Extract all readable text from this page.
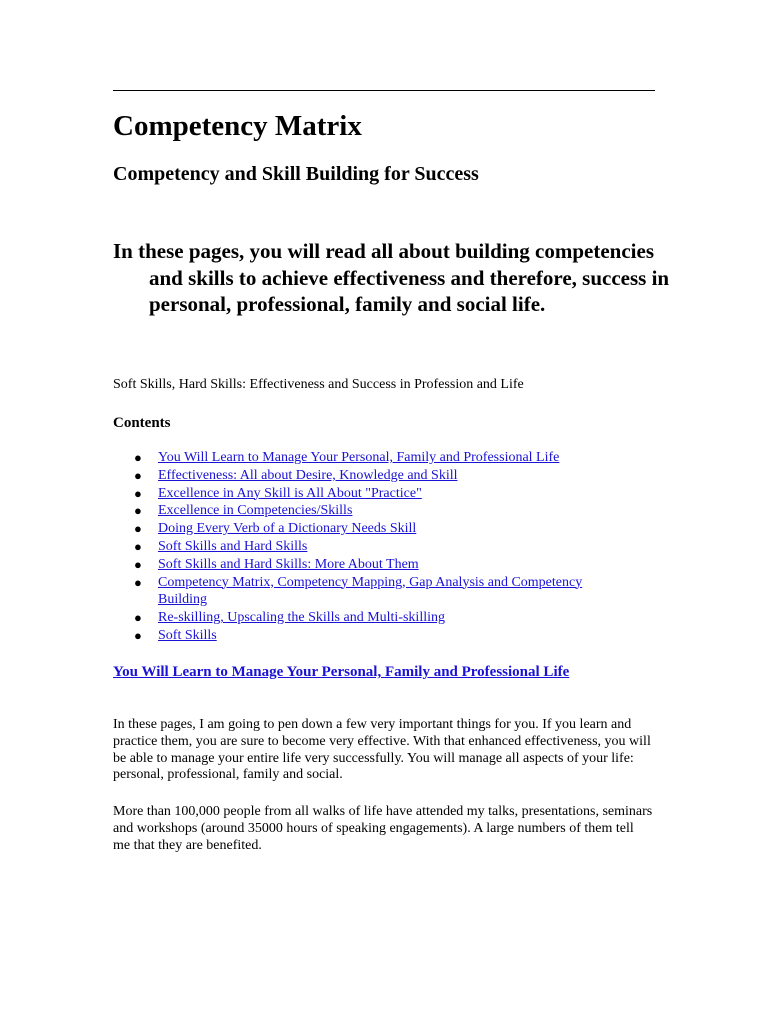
Competency Matrix
Competency and Skill Building for Success

In these pages, you will read all about building competencies and skills to achieve effectiveness and therefore, success in personal, professional, family and social life.

Soft Skills, Hard Skills: Effectiveness and Success in Profession and Life

Contents

● You Will Learn to Manage Your Personal, Family and Professional Life
● Effectiveness: All about Desire, Knowledge and Skill
● Excellence in Any Skill is All About "Practice"
● Excellence in Competencies/Skills
● Doing Every Verb of a Dictionary Needs Skill
● Soft Skills and Hard Skills
● Soft Skills and Hard Skills: More About Them
● Competency Matrix, Competency Mapping, Gap Analysis and Competency Building
● Re-skilling, Upscaling the Skills and Multi-skilling
● Soft Skills

You Will Learn to Manage Your Personal, Family and Professional Life

In these pages, I am going to pen down a few very important things for you. If you learn and practice them, you are sure to become very effective. With that enhanced effectiveness, you will be able to manage your entire life very successfully. You will manage all aspects of your life: personal, professional, family and social.

More than 100,000 people from all walks of life have attended my talks, presentations, seminars and workshops (around 35000 hours of speaking engagements). A large numbers of them tell me that they are benefited.
